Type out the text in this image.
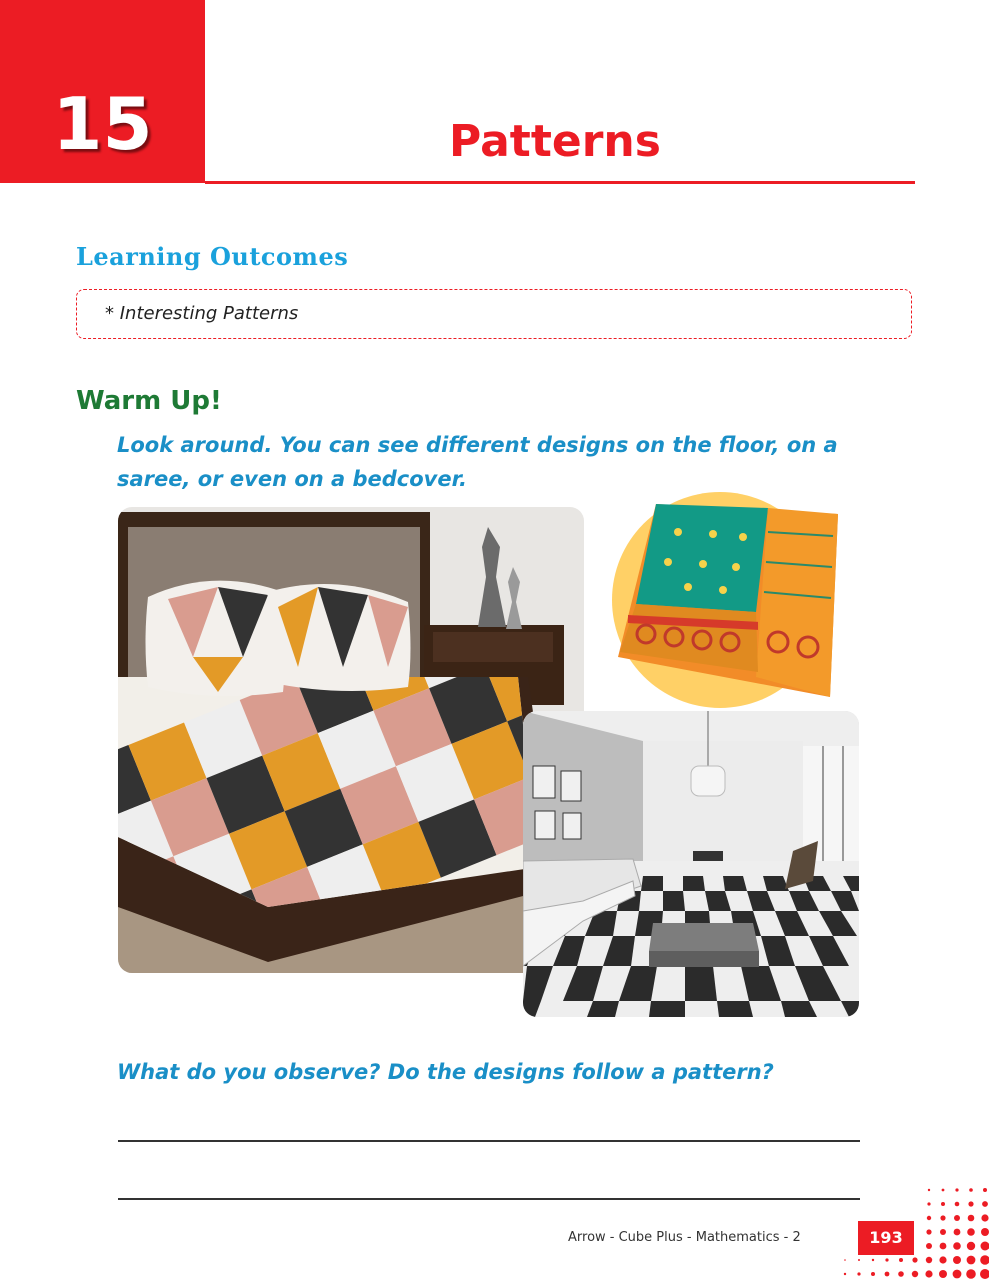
15	Patterns
Learning Outcomes
* Interesting Patterns
Warm Up!
Look around. You can see different designs on the floor, on a saree, or even on a bedcover.
What do you observe? Do the designs follow a pattern?
Arrow - Cube Plus - Mathematics - 2	193
